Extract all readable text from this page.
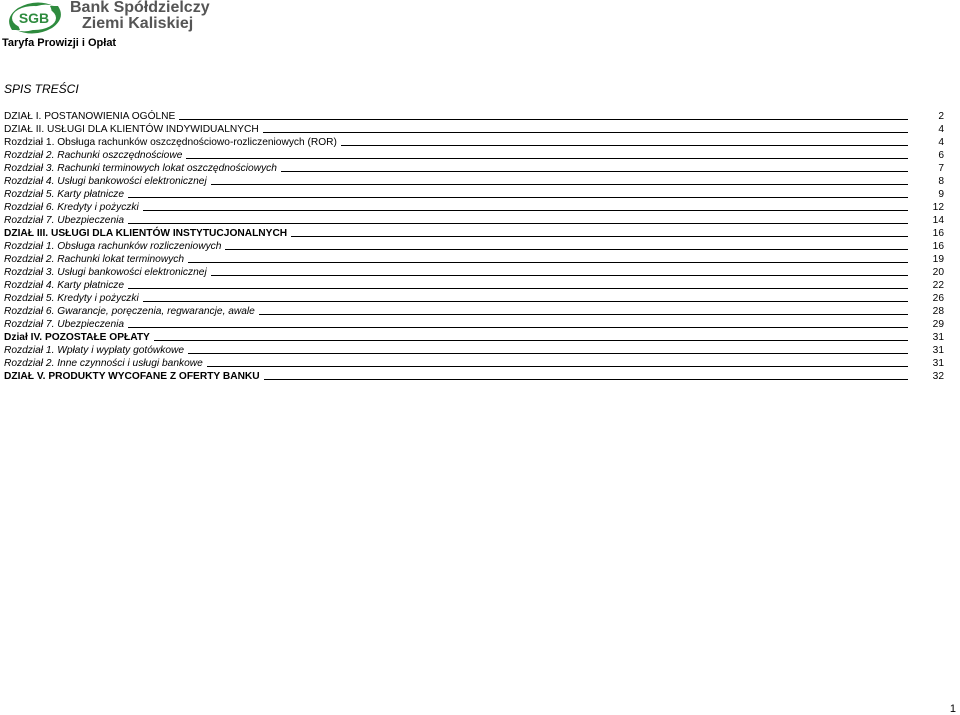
SGB
Bank Spółdzielczy
Ziemi Kaliskiej
Taryfa Prowizji i Opłat
SPIS TREŚCI
DZIAŁ I. POSTANOWIENIA OGÓLNE	2
DZIAŁ II. USŁUGI DLA KLIENTÓW INDYWIDUALNYCH	4
Rozdział 1. Obsługa rachunków oszczędnościowo-rozliczeniowych (ROR)	4
Rozdział 2. Rachunki oszczędnościowe	6
Rozdział 3. Rachunki terminowych lokat oszczędnościowych	7
Rozdział 4. Usługi bankowości elektronicznej	8
Rozdział 5. Karty płatnicze	9
Rozdział 6. Kredyty i pożyczki	12
Rozdział 7. Ubezpieczenia	14
DZIAŁ III. USŁUGI DLA KLIENTÓW INSTYTUCJONALNYCH	16
Rozdział 1. Obsługa rachunków rozliczeniowych	16
Rozdział 2. Rachunki lokat terminowych	19
Rozdział 3. Usługi bankowości elektronicznej	20
Rozdział 4. Karty płatnicze	22
Rozdział 5. Kredyty i pożyczki	26
Rozdział 6. Gwarancje, poręczenia, regwarancje, awale	28
Rozdział 7. Ubezpieczenia	29
Dział IV. POZOSTAŁE OPŁATY	31
Rozdział 1. Wpłaty i wypłaty gotówkowe	31
Rozdział 2. Inne czynności i usługi bankowe	31
DZIAŁ V. PRODUKTY WYCOFANE Z OFERTY BANKU	32
1
